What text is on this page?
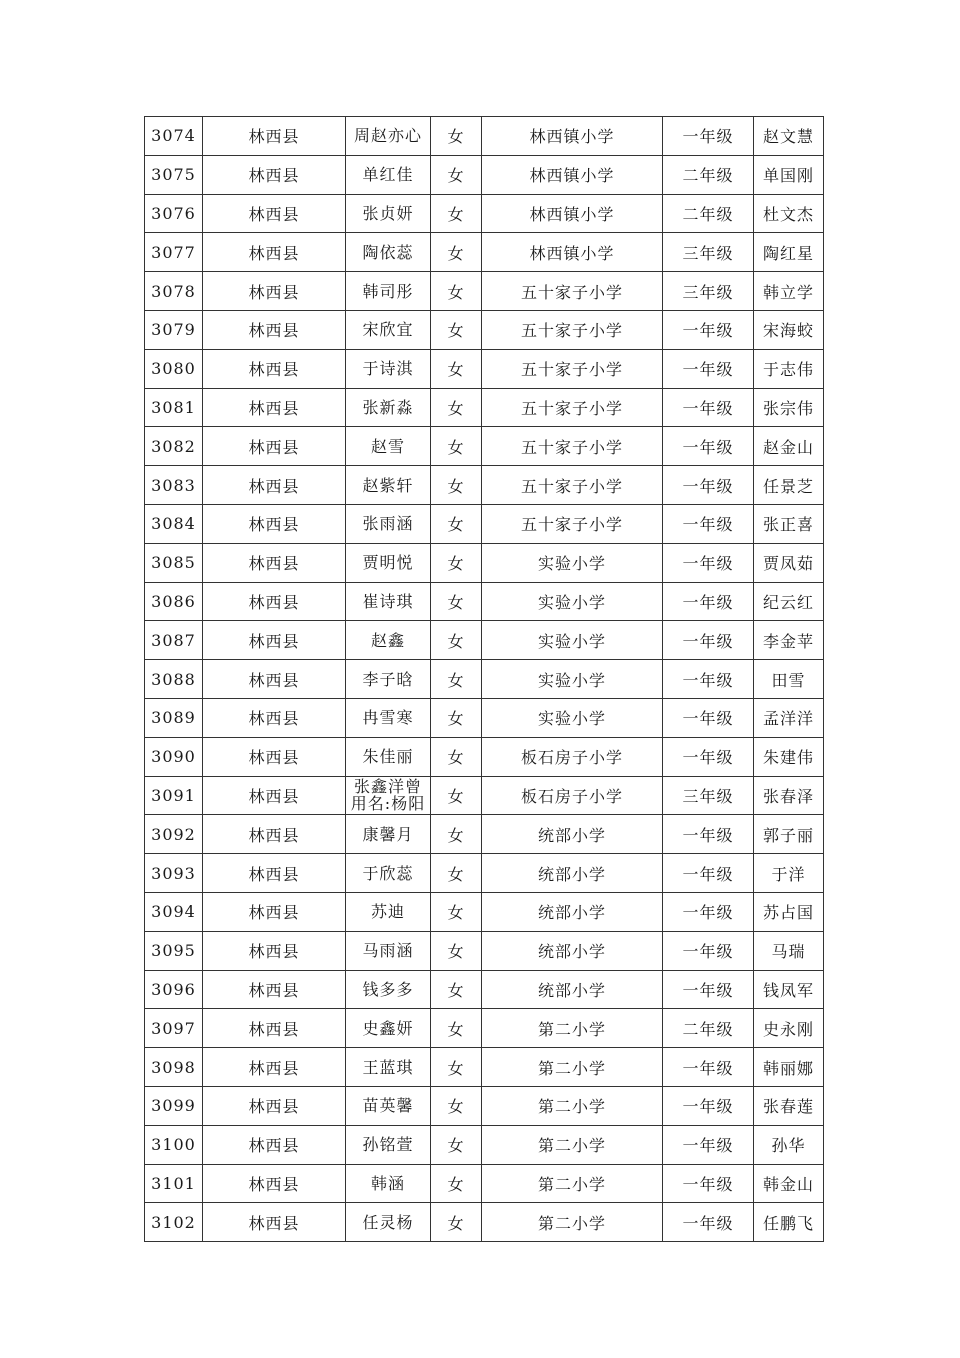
3074	林西县	周赵亦心	女	林西镇小学	一年级	赵文慧
3075	林西县	单红佳	女	林西镇小学	二年级	单国刚
3076	林西县	张贞妍	女	林西镇小学	二年级	杜文杰
3077	林西县	陶依蕊	女	林西镇小学	三年级	陶红星
3078	林西县	韩司彤	女	五十家子小学	三年级	韩立学
3079	林西县	宋欣宜	女	五十家子小学	一年级	宋海蛟
3080	林西县	于诗淇	女	五十家子小学	一年级	于志伟
3081	林西县	张新淼	女	五十家子小学	一年级	张宗伟
3082	林西县	赵雪	女	五十家子小学	一年级	赵金山
3083	林西县	赵紫轩	女	五十家子小学	一年级	任景芝
3084	林西县	张雨涵	女	五十家子小学	一年级	张正喜
3085	林西县	贾明悦	女	实验小学	一年级	贾凤茹
3086	林西县	崔诗琪	女	实验小学	一年级	纪云红
3087	林西县	赵鑫	女	实验小学	一年级	李金苹
3088	林西县	李子晗	女	实验小学	一年级	田雪
3089	林西县	冉雪寒	女	实验小学	一年级	孟洋洋
3090	林西县	朱佳丽	女	板石房子小学	一年级	朱建伟
3091	林西县	张鑫洋曾用名:杨阳	女	板石房子小学	三年级	张春泽
3092	林西县	康馨月	女	统部小学	一年级	郭子丽
3093	林西县	于欣蕊	女	统部小学	一年级	于洋
3094	林西县	苏迪	女	统部小学	一年级	苏占国
3095	林西县	马雨涵	女	统部小学	一年级	马瑞
3096	林西县	钱多多	女	统部小学	一年级	钱凤军
3097	林西县	史鑫妍	女	第二小学	二年级	史永刚
3098	林西县	王蓝琪	女	第二小学	一年级	韩丽娜
3099	林西县	苗英馨	女	第二小学	一年级	张春莲
3100	林西县	孙铭萱	女	第二小学	一年级	孙华
3101	林西县	韩涵	女	第二小学	一年级	韩金山
3102	林西县	任灵杨	女	第二小学	一年级	任鹏飞
